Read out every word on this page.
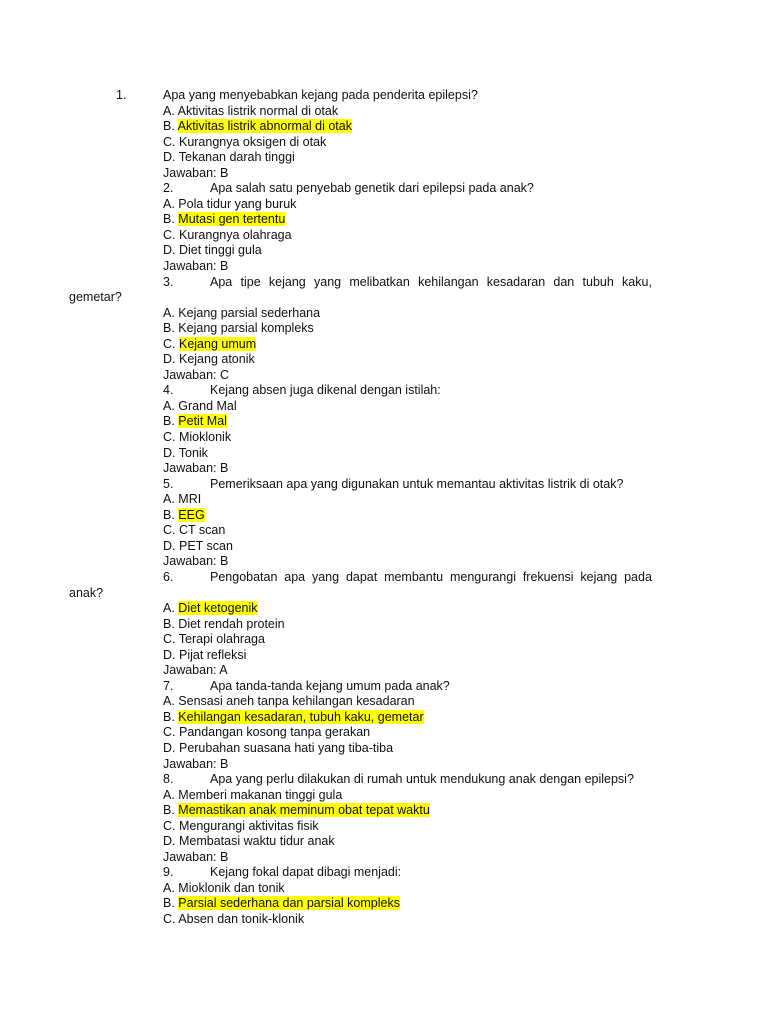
1.	Apa yang menyebabkan kejang pada penderita epilepsi?
A. Aktivitas listrik normal di otak
B. Aktivitas listrik abnormal di otak
C. Kurangnya oksigen di otak
D. Tekanan darah tinggi
Jawaban: B
2.	Apa salah satu penyebab genetik dari epilepsi pada anak?
A. Pola tidur yang buruk
B. Mutasi gen tertentu
C. Kurangnya olahraga
D. Diet tinggi gula
Jawaban: B
3.	Apa tipe kejang yang melibatkan kehilangan kesadaran dan tubuh kaku,
gemetar?
A. Kejang parsial sederhana
B. Kejang parsial kompleks
C. Kejang umum
D. Kejang atonik
Jawaban: C
4.	Kejang absen juga dikenal dengan istilah:
A. Grand Mal
B. Petit Mal
C. Mioklonik
D. Tonik
Jawaban: B
5.	Pemeriksaan apa yang digunakan untuk memantau aktivitas listrik di otak?
A. MRI
B. EEG
C. CT scan
D. PET scan
Jawaban: B
6.	Pengobatan apa yang dapat membantu mengurangi frekuensi kejang pada
anak?
A. Diet ketogenik
B. Diet rendah protein
C. Terapi olahraga
D. Pijat refleksi
Jawaban: A
7.	Apa tanda-tanda kejang umum pada anak?
A. Sensasi aneh tanpa kehilangan kesadaran
B. Kehilangan kesadaran, tubuh kaku, gemetar
C. Pandangan kosong tanpa gerakan
D. Perubahan suasana hati yang tiba-tiba
Jawaban: B
8.	Apa yang perlu dilakukan di rumah untuk mendukung anak dengan epilepsi?
A. Memberi makanan tinggi gula
B. Memastikan anak meminum obat tepat waktu
C. Mengurangi aktivitas fisik
D. Membatasi waktu tidur anak
Jawaban: B
9.	Kejang fokal dapat dibagi menjadi:
A. Mioklonik dan tonik
B. Parsial sederhana dan parsial kompleks
C. Absen dan tonik-klonik
